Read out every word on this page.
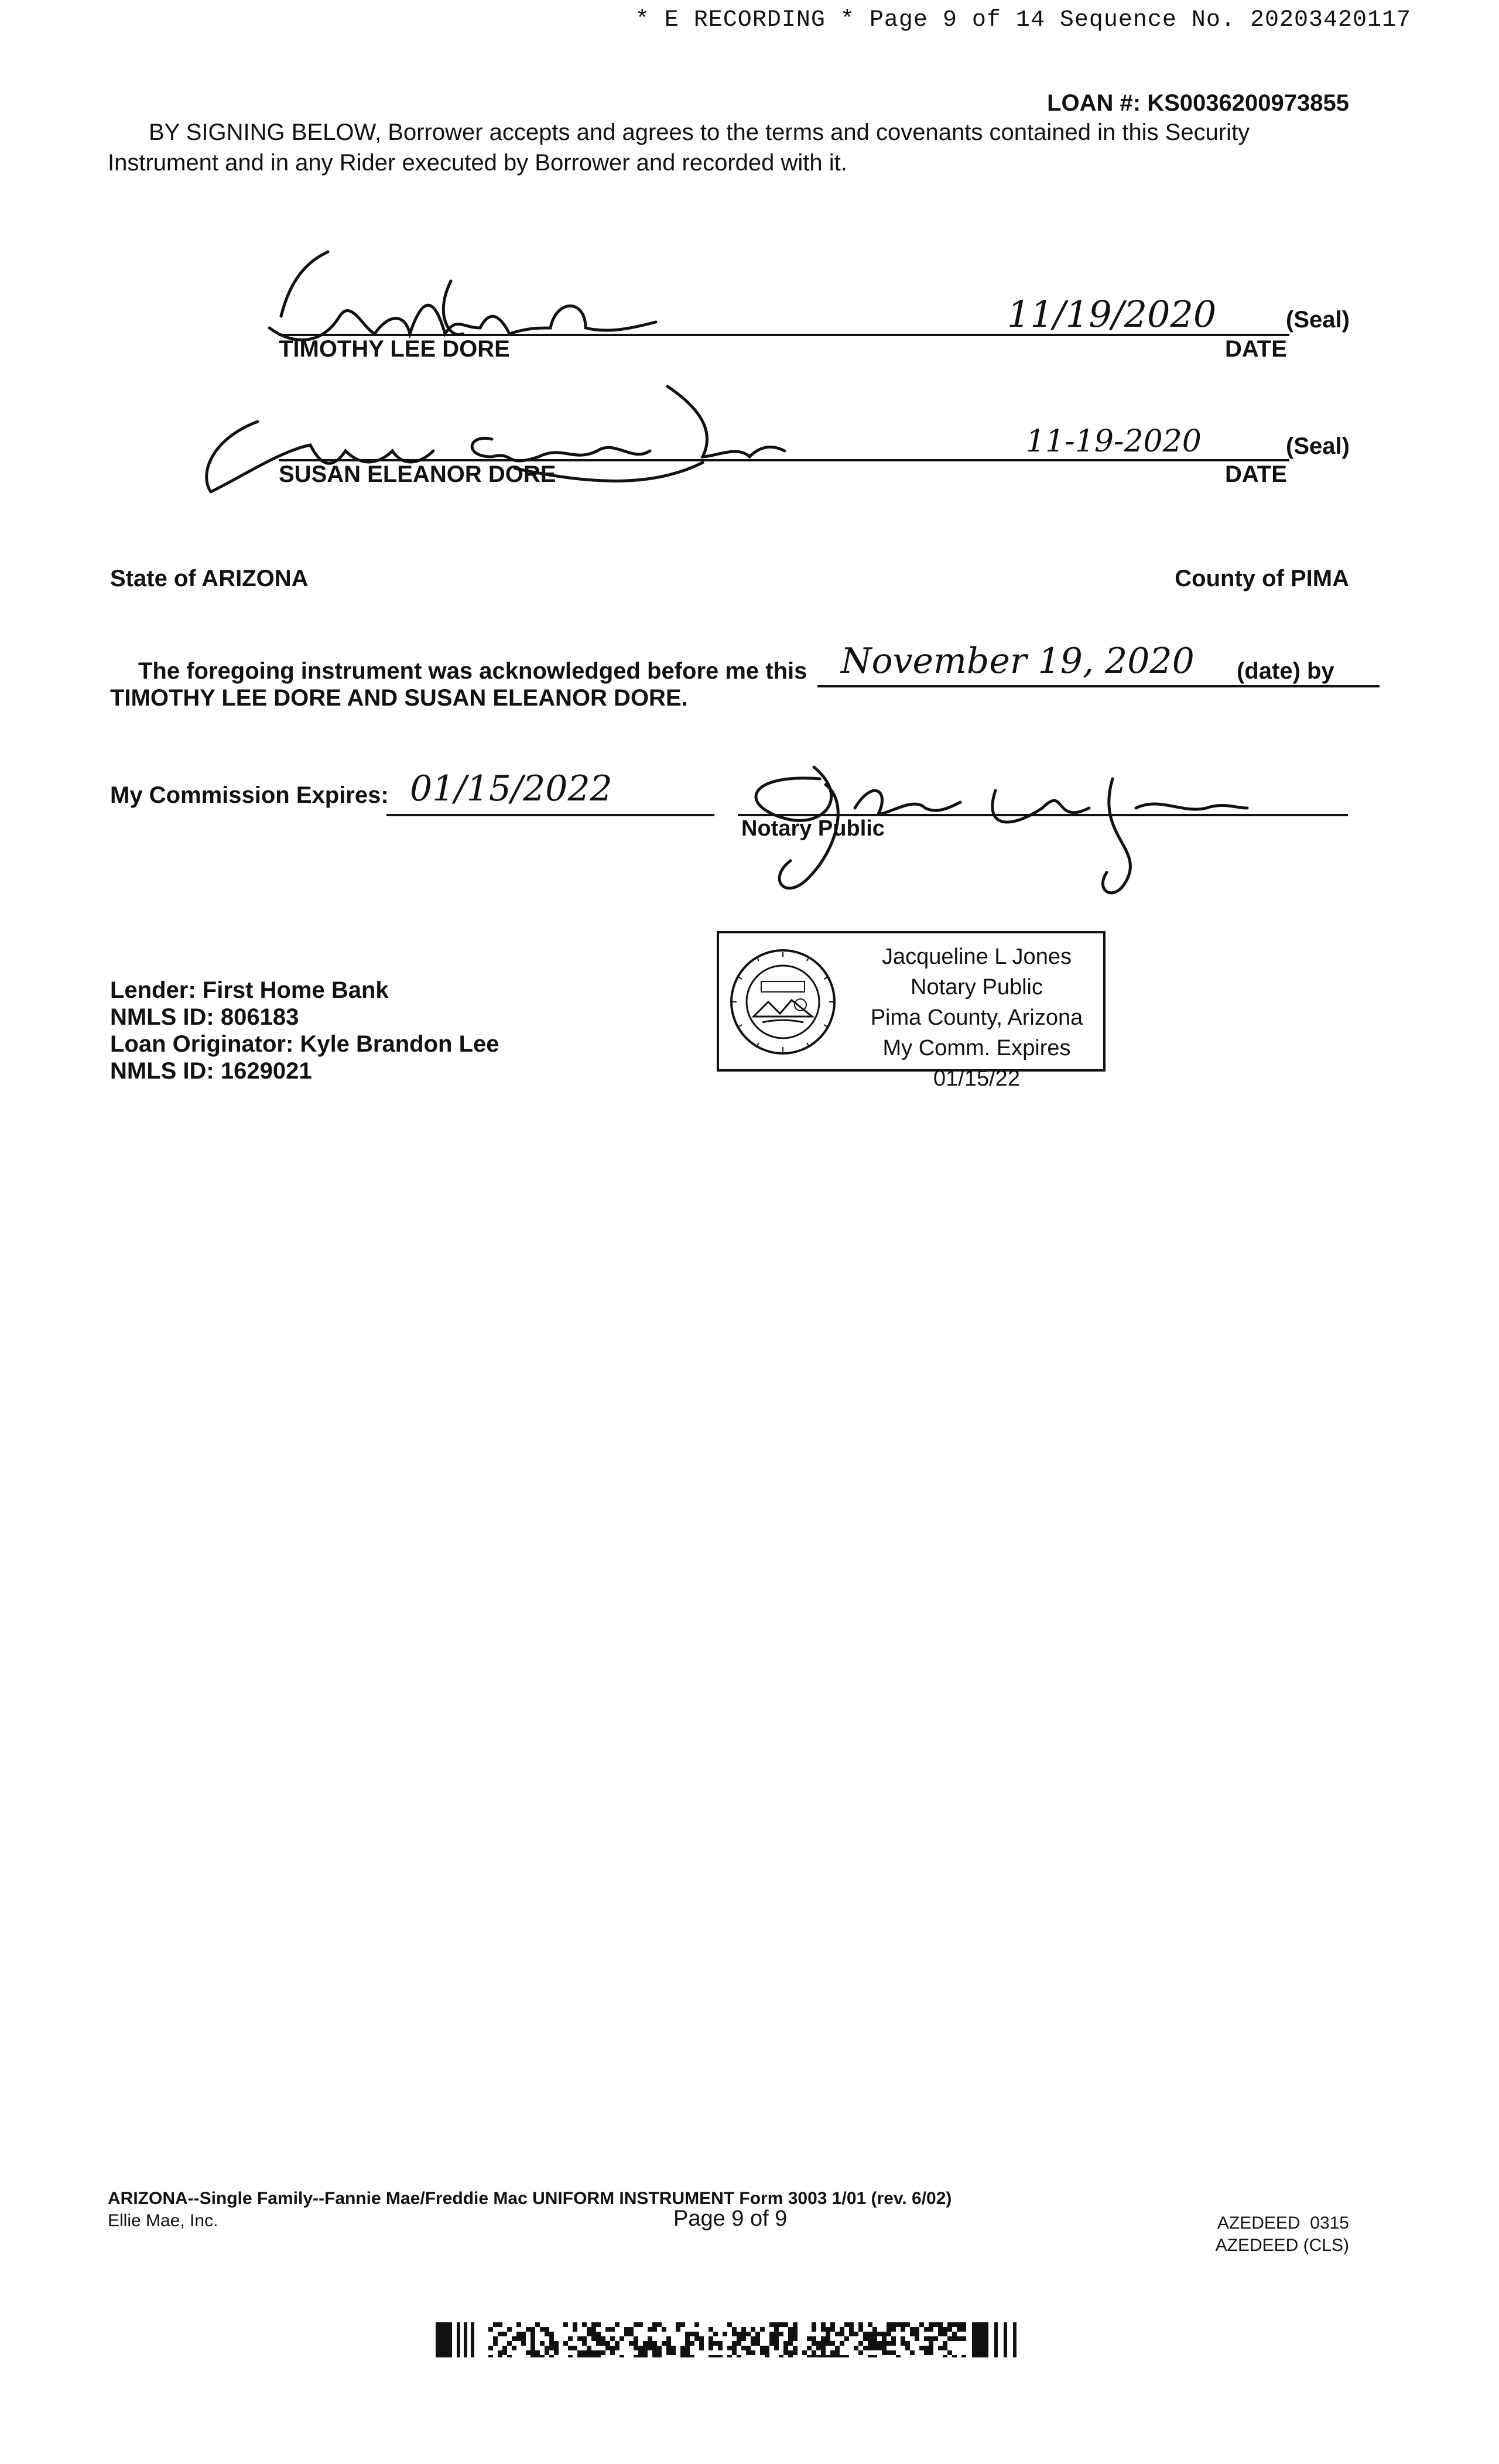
* E RECORDING * Page 9 of 14 Sequence No. 20203420117
LOAN #: KS0036200973855
BY SIGNING BELOW, Borrower accepts and agrees to the terms and covenants contained in this Security Instrument and in any Rider executed by Borrower and recorded with it.
TIMOTHY LEE DORE
11/19/2020
DATE
(Seal)
SUSAN ELEANOR DORE
11-19-2020
DATE
(Seal)
State of ARIZONA	County of PIMA
The foregoing instrument was acknowledged before me this November 19, 2020 (date) by
TIMOTHY LEE DORE AND SUSAN ELEANOR DORE.
My Commission Expires: 01/15/2022
Notary Public
Lender: First Home Bank
NMLS ID: 806183
Loan Originator: Kyle Brandon Lee
NMLS ID: 1629021
Jacqueline L Jones
Notary Public
Pima County, Arizona
My Comm. Expires 01/15/22
ARIZONA--Single Family--Fannie Mae/Freddie Mac UNIFORM INSTRUMENT Form 3003 1/01 (rev. 6/02)
Ellie Mae, Inc.	Page 9 of 9	AZEDEED  0315
AZEDEED (CLS)
